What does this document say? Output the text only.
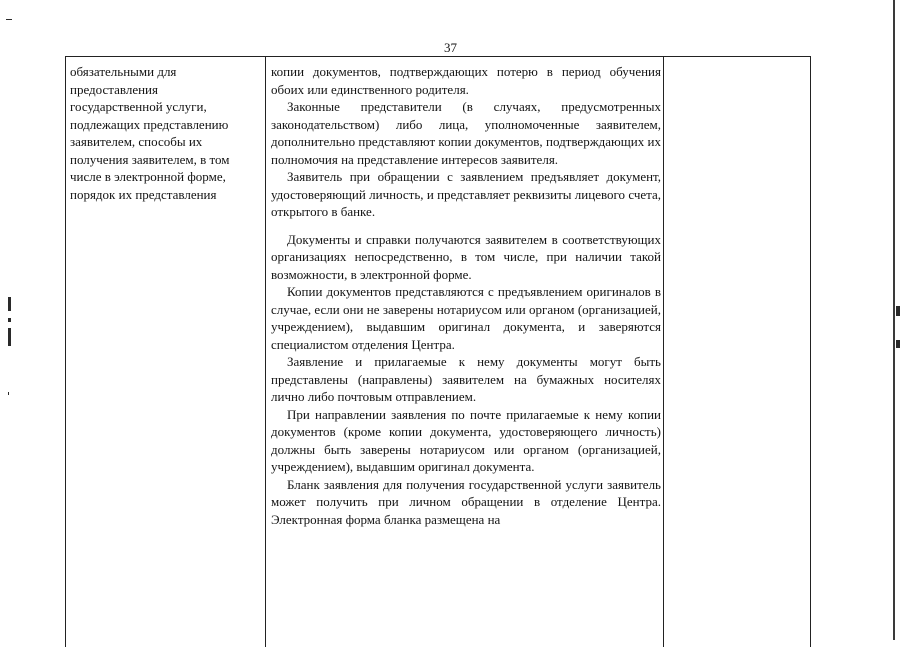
37
обязательными для
предоставления
государственной услуги,
подлежащих представлению
заявителем, способы их
получения заявителем, в том
числе в электронной форме,
порядок их представления

копии документов, подтверждающих потерю в период обучения обоих или единственного родителя.

Законные представители (в случаях, предусмотренных законодательством) либо лица, уполномоченные заявителем, дополнительно представляют копии документов, подтверждающих их полномочия на представление интересов заявителя.

Заявитель при обращении с заявлением предъявляет документ, удостоверяющий личность, и представляет реквизиты лицевого счета, открытого в банке.

Документы и справки получаются заявителем в соответствующих организациях непосредственно, в том числе, при наличии такой возможности, в электронной форме.

Копии документов представляются с предъявлением оригиналов в случае, если они не заверены нотариусом или органом (организацией, учреждением), выдавшим оригинал документа, и заверяются специалистом отделения Центра.

Заявление и прилагаемые к нему документы могут быть представлены (направлены) заявителем на бумажных носителях лично либо почтовым отправлением.

При направлении заявления по почте прилагаемые к нему копии документов (кроме копии документа, удостоверяющего личность) должны быть заверены нотариусом или органом (организацией, учреждением), выдавшим оригинал документа.

Бланк заявления для получения государственной услуги заявитель может получить при личном обращении в отделение Центра. Электронная форма бланка размещена на
